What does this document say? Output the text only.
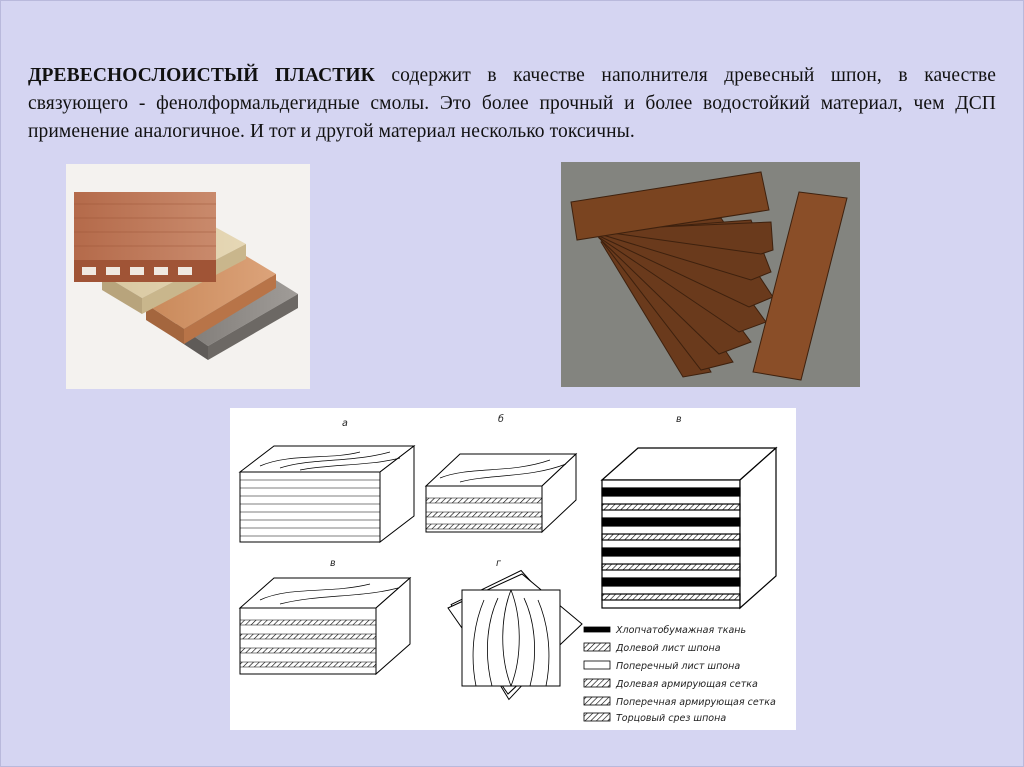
ДРЕВЕСНОСЛОИСТЫЙ ПЛАСТИК содержит в качестве наполнителя древесный шпон, в качестве связующего - фенолформальдегидные смолы. Это более прочный и более водостойкий материал, чем ДСП применение аналогичное. И тот и другой материал несколько токсичны.

а	б	в
в	г
Хлопчатобумажная ткань
Долевой лист шпона
Поперечный лист шпона
Долевая армирующая сетка
Поперечная армирующая сетка
Торцовый срез шпона
